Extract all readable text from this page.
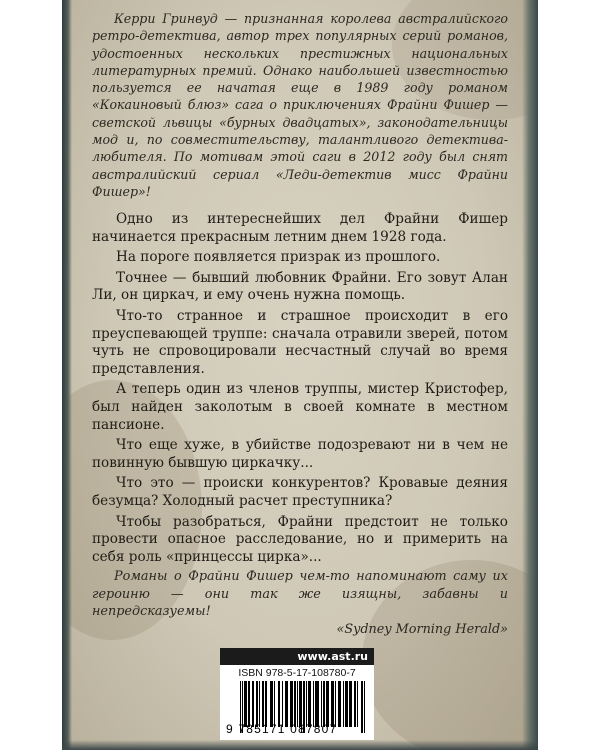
Керри Гринвуд — признанная королева австралийского ретро-детектива, автор трех популярных серий романов, удостоенных нескольких престижных национальных литературных премий. Однако наибольшей известностью пользуется ее начатая еще в 1989 году романом «Кокаиновый блюз» сага о приключениях Фрайни Фишер — светской львицы «бурных двадцатых», законодательницы мод и, по совместительству, талантливого детектива-любителя. По мотивам этой саги в 2012 году был снят австралийский сериал «Леди-детектив мисс Фрайни Фишер»!

Одно из интереснейших дел Фрайни Фишер начинается прекрасным летним днем 1928 года.

На пороге появляется призрак из прошлого.

Точнее — бывший любовник Фрайни. Его зовут Алан Ли, он циркач, и ему очень нужна помощь.

Что-то странное и страшное происходит в его преуспевающей труппе: сначала отравили зверей, потом чуть не спровоцировали несчастный случай во время представления.

А теперь один из членов труппы, мистер Кристофер, был найден заколотым в своей комнате в местном пансионе.

Что еще хуже, в убийстве подозревают ни в чем не повинную бывшую циркачку...

Что это — происки конкурентов? Кровавые деяния безумца? Холодный расчет преступника?

Чтобы разобраться, Фрайни предстоит не только провести опасное расследование, но и примерить на себя роль «принцессы цирка»...

Романы о Фрайни Фишер чем-то напоминают саму их героиню — они так же изящны, забавны и непредсказуемы!

«Sydney Morning Herald»

www.ast.ru
ISBN 978-5-17-108780-7
9 785171 087807
